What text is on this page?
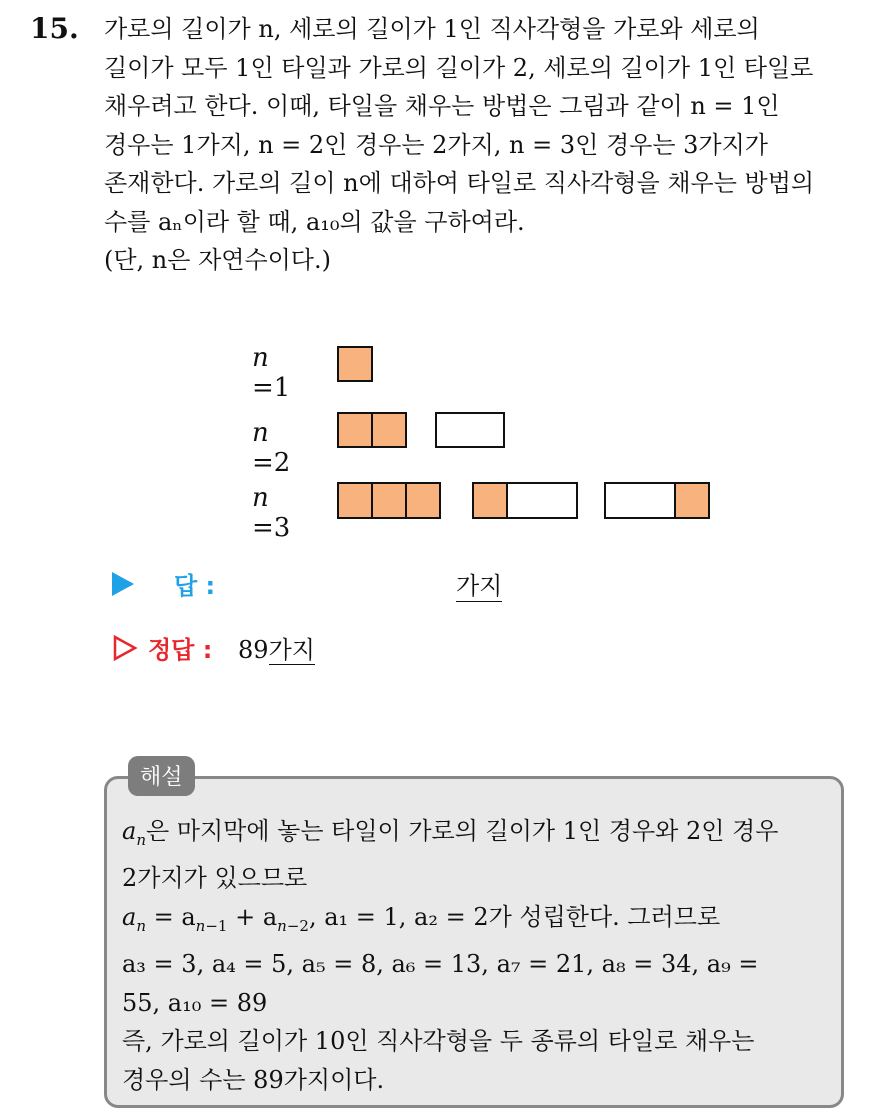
15. 가로의 길이가 n, 세로의 길이가 1인 직사각형을 가로와 세로의
길이가 모두 1인 타일과 가로의 길이가 2, 세로의 길이가 1인 타일로
채우려고 한다. 이때, 타일을 채우는 방법은 그림과 같이 n = 1인
경우는 1가지, n = 2인 경우는 2가지, n = 3인 경우는 3가지가
존재한다. 가로의 길이 n에 대하여 타일로 직사각형을 채우는 방법의
수를 aₙ이라 할 때, a₁₀의 값을 구하여라.
(단, n은 자연수이다.)
n =1
n =2
n =3
답 :	가지
정답 : 89가지
해설
$a_n$은 마지막에 놓는 타일이 가로의 길이가 1인 경우와 2인 경우
2가지가 있으므로
$a_n = a_{n-1} + a_{n-2}$, a₁ = 1, a₂ = 2가 성립한다. 그러므로
a₃ = 3, a₄ = 5, a₅ = 8, a₆ = 13, a₇ = 21, a₈ = 34, a₉ =
55, a₁₀ = 89
즉, 가로의 길이가 10인 직사각형을 두 종류의 타일로 채우는
경우의 수는 89가지이다.
